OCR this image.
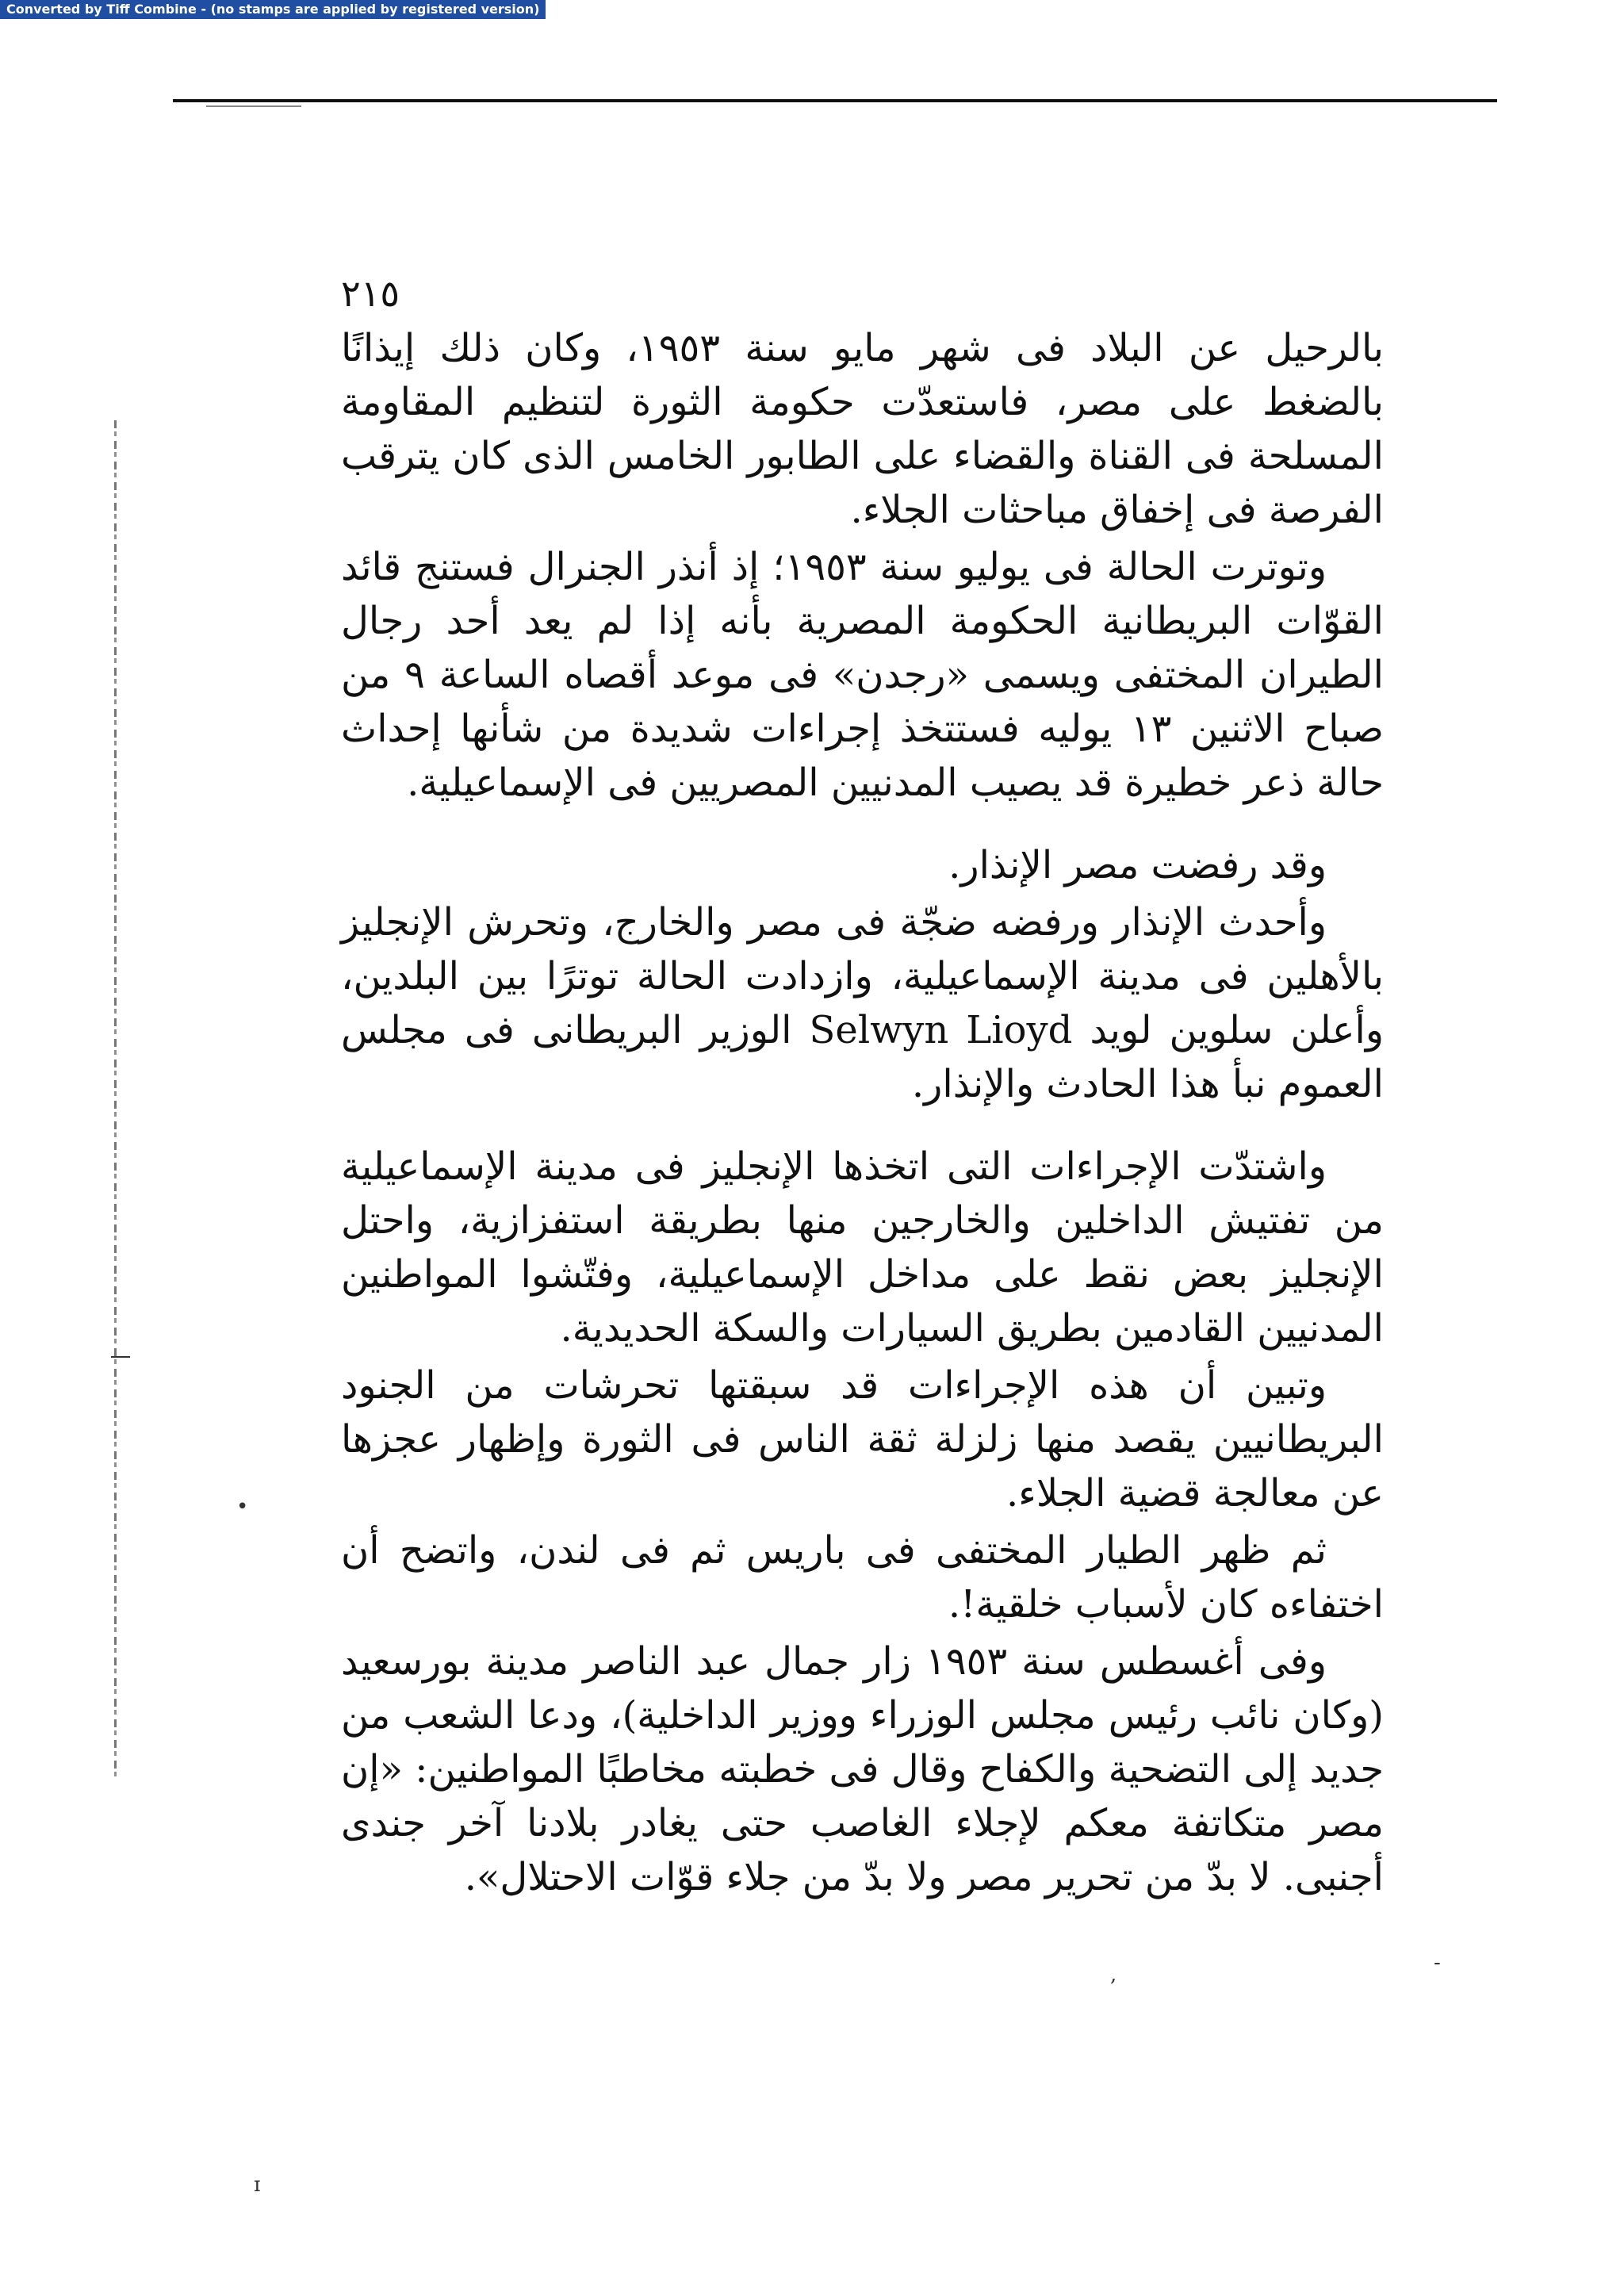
Converted by Tiff Combine - (no stamps are applied by registered version)
٢١٥

بالرحيل عن البلاد فى شهر مايو سنة ١٩٥٣، وكان ذلك إيذانًا بالضغط على مصر، فاستعدّت حكومة الثورة لتنظيم المقاومة المسلحة فى القناة والقضاء على الطابور الخامس الذى كان يترقب الفرصة فى إخفاق مباحثات الجلاء.

وتوترت الحالة فى يوليو سنة ١٩٥٣؛ إذ أنذر الجنرال فستنج قائد القوّات البريطانية الحكومة المصرية بأنه إذا لم يعد أحد رجال الطيران المختفى ويسمى «رجدن» فى موعد أقصاه الساعة ٩ من صباح الاثنين ١٣ يوليه فستتخذ إجراءات شديدة من شأنها إحداث حالة ذعر خطيرة قد يصيب المدنيين المصريين فى الإسماعيلية.

وقد رفضت مصر الإنذار.

وأحدث الإنذار ورفضه ضجّة فى مصر والخارج، وتحرش الإنجليز بالأهلين فى مدينة الإسماعيلية، وازدادت الحالة توترًا بين البلدين، وأعلن سلوين لويد Selwyn Lioyd الوزير البريطانى فى مجلس العموم نبأ هذا الحادث والإنذار.

واشتدّت الإجراءات التى اتخذها الإنجليز فى مدينة الإسماعيلية من تفتيش الداخلين والخارجين منها بطريقة استفزازية، واحتل الإنجليز بعض نقط على مداخل الإسماعيلية، وفتّشوا المواطنين المدنيين القادمين بطريق السيارات والسكة الحديدية.

وتبين أن هذه الإجراءات قد سبقتها تحرشات من الجنود البريطانيين يقصد منها زلزلة ثقة الناس فى الثورة وإظهار عجزها عن معالجة قضية الجلاء.

ثم ظهر الطيار المختفى فى باريس ثم فى لندن، واتضح أن اختفاءه كان لأسباب خلقية!.

وفى أغسطس سنة ١٩٥٣ زار جمال عبد الناصر مدينة بورسعيد (وكان نائب رئيس مجلس الوزراء ووزير الداخلية)، ودعا الشعب من جديد إلى التضحية والكفاح وقال فى خطبته مخاطبًا المواطنين: «إن مصر متكاتفة معكم لإجلاء الغاصب حتى يغادر بلادنا آخر جندى أجنبى. لا بدّ من تحرير مصر ولا بدّ من جلاء قوّات الاحتلال».

•
-
,
ɪ
